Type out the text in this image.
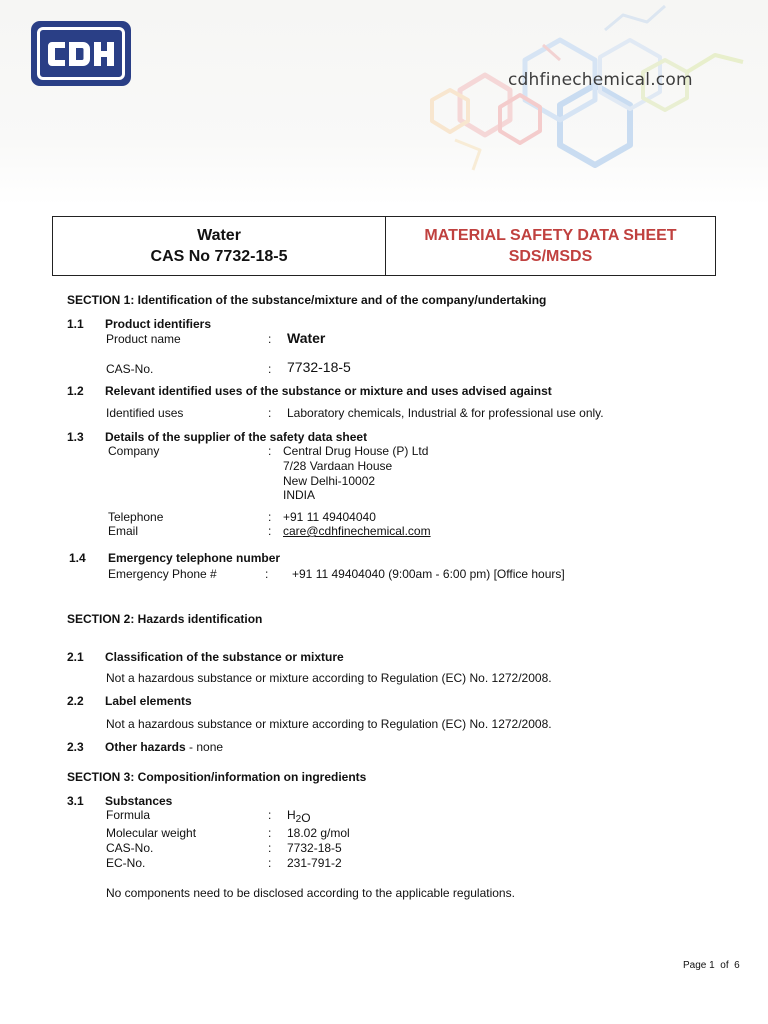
cdhfinechemical.com
Water
CAS No 7732-18-5
MATERIAL SAFETY DATA SHEET
SDS/MSDS
SECTION 1: Identification of the substance/mixture and of the company/undertaking
1.1 Product identifiers
Product name	: Water
CAS-No.	: 7732-18-5
1.2 Relevant identified uses of the substance or mixture and uses advised against
Identified uses	: Laboratory chemicals, Industrial & for professional use only.
1.3 Details of the supplier of the safety data sheet
Company	: Central Drug House (P) Ltd
7/28 Vardaan House
New Delhi-10002
INDIA
Telephone	: +91 11 49404040
Email	: care@cdhfinechemical.com
1.4 Emergency telephone number
Emergency Phone #	: +91 11 49404040 (9:00am - 6:00 pm) [Office hours]
SECTION 2: Hazards identification
2.1 Classification of the substance or mixture
Not a hazardous substance or mixture according to Regulation (EC) No. 1272/2008.
2.2 Label elements
Not a hazardous substance or mixture according to Regulation (EC) No. 1272/2008.
2.3 Other hazards - none
SECTION 3: Composition/information on ingredients
3.1 Substances
Formula	: $H_2O$
Molecular weight	: 18.02 g/mol
CAS-No.	: 7732-18-5
EC-No.	: 231-791-2
No components need to be disclosed according to the applicable regulations.
Page 1 of 6
